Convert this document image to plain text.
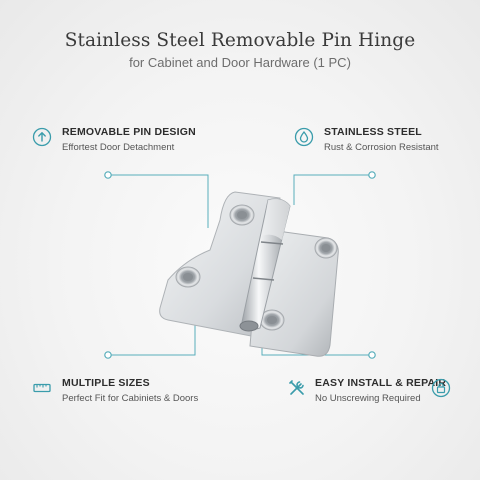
Stainless Steel Removable Pin Hinge
for Cabinet and Door Hardware (1 PC)
REMOVABLE PIN DESIGN
Effortest Door Detachment
STAINLESS STEEL
Rust & Corrosion Resistant
MULTIPLE SIZES
Perfect Fit for Cabiniets & Doors
EASY INSTALL & REPAIR
No Unscrewing Required
